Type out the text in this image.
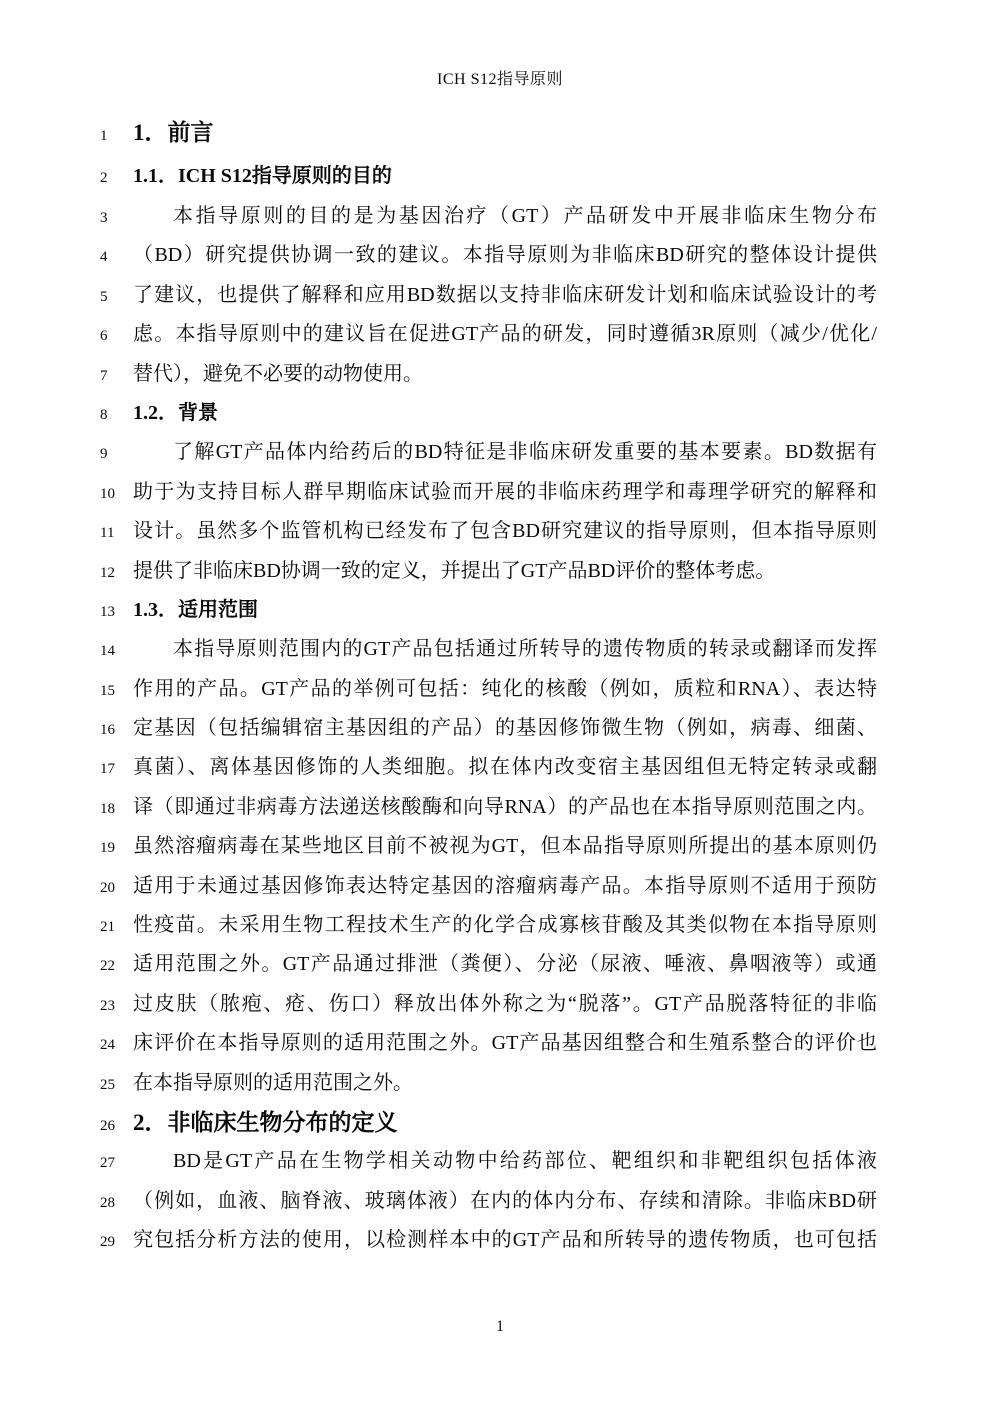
ICH S12指导原则
1	1．前言
2	1.1．ICH S12指导原则的目的
3	本指导原则的目的是为基因治疗（GT）产品研发中开展非临床生物分布
4	（BD）研究提供协调一致的建议。本指导原则为非临床BD研究的整体设计提供
5	了建议，也提供了解释和应用BD数据以支持非临床研发计划和临床试验设计的考
6	虑。本指导原则中的建议旨在促进GT产品的研发，同时遵循3R原则（减少/优化/
7	替代），避免不必要的动物使用。
8	1.2．背景
9	了解GT产品体内给药后的BD特征是非临床研发重要的基本要素。BD数据有
10 助于为支持目标人群早期临床试验而开展的非临床药理学和毒理学研究的解释和
11 设计。虽然多个监管机构已经发布了包含BD研究建议的指导原则，但本指导原则
12 提供了非临床BD协调一致的定义，并提出了GT产品BD评价的整体考虑。
13 1.3．适用范围
14	本指导原则范围内的GT产品包括通过所转导的遗传物质的转录或翻译而发挥
15 作用的产品。GT产品的举例可包括：纯化的核酸（例如，质粒和RNA）、表达特
16 定基因（包括编辑宿主基因组的产品）的基因修饰微生物（例如，病毒、细菌、
17 真菌）、离体基因修饰的人类细胞。拟在体内改变宿主基因组但无特定转录或翻
18 译（即通过非病毒方法递送核酸酶和向导RNA）的产品也在本指导原则范围之内。
19 虽然溶瘤病毒在某些地区目前不被视为GT，但本品指导原则所提出的基本原则仍
20 适用于未通过基因修饰表达特定基因的溶瘤病毒产品。本指导原则不适用于预防
21 性疫苗。未采用生物工程技术生产的化学合成寡核苷酸及其类似物在本指导原则
22 适用范围之外。GT产品通过排泄（粪便）、分泌（尿液、唾液、鼻咽液等）或通
23 过皮肤（脓疱、疮、伤口）释放出体外称之为“脱落”。GT产品脱落特征的非临
24 床评价在本指导原则的适用范围之外。GT产品基因组整合和生殖系整合的评价也
25 在本指导原则的适用范围之外。
26 2．非临床生物分布的定义
27	BD是GT产品在生物学相关动物中给药部位、靶组织和非靶组织包括体液
28 （例如，血液、脑脊液、玻璃体液）在内的体内分布、存续和清除。非临床BD研
29 究包括分析方法的使用，以检测样本中的GT产品和所转导的遗传物质，也可包括
1
